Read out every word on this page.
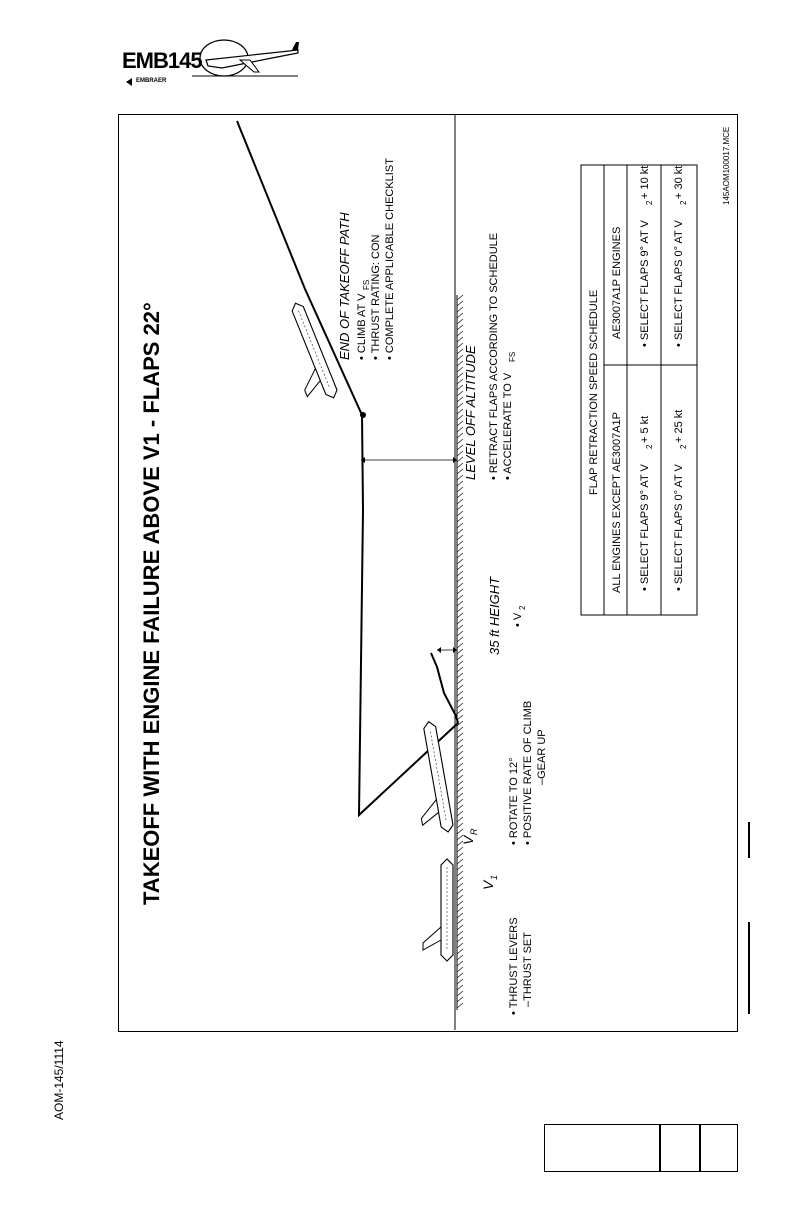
EMB145
EMBRAER
TAKEOFF WITH ENGINE FAILURE ABOVE V1 - FLAPS 22°
145AOM100017.MCE
• THRUST LEVERS –THRUST SET
V
1
V
R	• ROTATE TO 12° • POSITIVE RATE OF CLIMB –GEAR UP
35 ft HEIGHT • V
2
LEVEL OFF ALTITUDE • RETRACT FLAPS ACCORDING TO SCHEDULE • ACCELERATE TO V
FS
END OF TAKEOFF PATH • CLIMB AT V
FS • THRUST RATING: CON • COMPLETE APPLICABLE CHECKLIST
FLAP RETRACTION SPEED SCHEDULE
ALL ENGINES EXCEPT AE3007A1P
AE3007A1P ENGINES
• SELECT FLAPS 9° AT V
2
+ 5 kt
• SELECT FLAPS 0° AT V
2
+ 25 kt
• SELECT FLAPS 9° AT V
2
+ 10 kt
• SELECT FLAPS 0° AT V
2
+ 30 kt
AOM-145/1114
